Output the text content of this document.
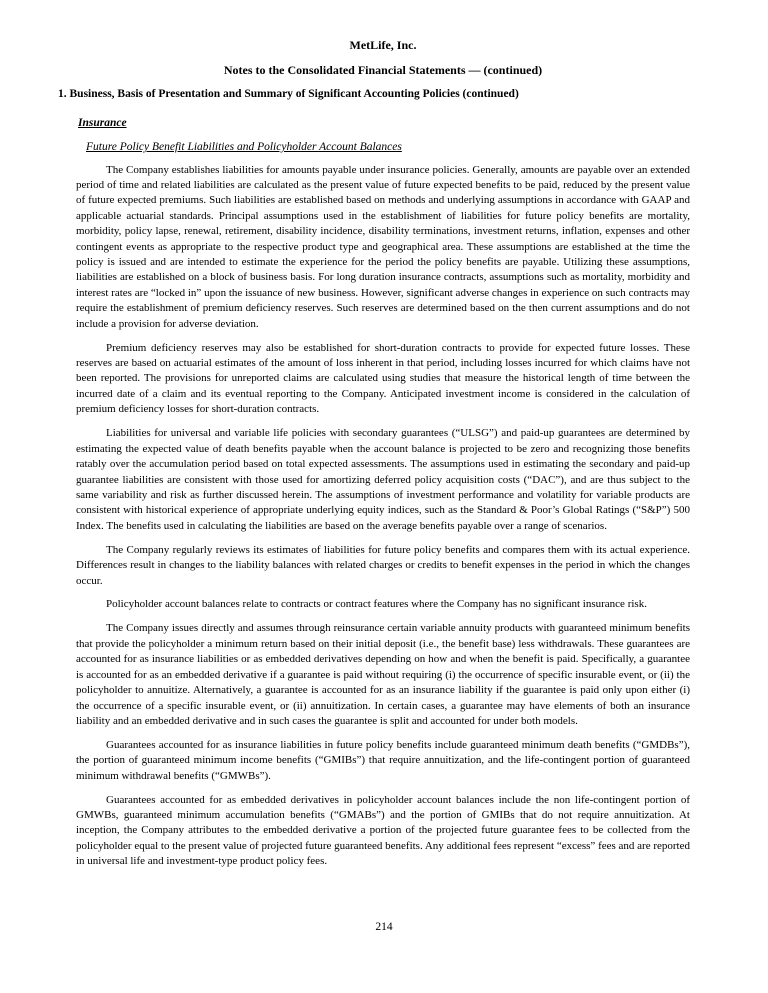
MetLife, Inc.
Notes to the Consolidated Financial Statements — (continued)
1. Business, Basis of Presentation and Summary of Significant Accounting Policies (continued)
Insurance
Future Policy Benefit Liabilities and Policyholder Account Balances

The Company establishes liabilities for amounts payable under insurance policies. Generally, amounts are payable over an extended period of time and related liabilities are calculated as the present value of future expected benefits to be paid, reduced by the present value of future expected premiums. Such liabilities are established based on methods and underlying assumptions in accordance with GAAP and applicable actuarial standards. Principal assumptions used in the establishment of liabilities for future policy benefits are mortality, morbidity, policy lapse, renewal, retirement, disability incidence, disability terminations, investment returns, inflation, expenses and other contingent events as appropriate to the respective product type and geographical area. These assumptions are established at the time the policy is issued and are intended to estimate the experience for the period the policy benefits are payable. Utilizing these assumptions, liabilities are established on a block of business basis. For long duration insurance contracts, assumptions such as mortality, morbidity and interest rates are “locked in” upon the issuance of new business. However, significant adverse changes in experience on such contracts may require the establishment of premium deficiency reserves. Such reserves are determined based on the then current assumptions and do not include a provision for adverse deviation.

Premium deficiency reserves may also be established for short-duration contracts to provide for expected future losses. These reserves are based on actuarial estimates of the amount of loss inherent in that period, including losses incurred for which claims have not been reported. The provisions for unreported claims are calculated using studies that measure the historical length of time between the incurred date of a claim and its eventual reporting to the Company. Anticipated investment income is considered in the calculation of premium deficiency losses for short-duration contracts.

Liabilities for universal and variable life policies with secondary guarantees (“ULSG”) and paid-up guarantees are determined by estimating the expected value of death benefits payable when the account balance is projected to be zero and recognizing those benefits ratably over the accumulation period based on total expected assessments. The assumptions used in estimating the secondary and paid-up guarantee liabilities are consistent with those used for amortizing deferred policy acquisition costs (“DAC”), and are thus subject to the same variability and risk as further discussed herein. The assumptions of investment performance and volatility for variable products are consistent with historical experience of appropriate underlying equity indices, such as the Standard & Poor’s Global Ratings (“S&P”) 500 Index. The benefits used in calculating the liabilities are based on the average benefits payable over a range of scenarios.

The Company regularly reviews its estimates of liabilities for future policy benefits and compares them with its actual experience. Differences result in changes to the liability balances with related charges or credits to benefit expenses in the period in which the changes occur.

Policyholder account balances relate to contracts or contract features where the Company has no significant insurance risk.

The Company issues directly and assumes through reinsurance certain variable annuity products with guaranteed minimum benefits that provide the policyholder a minimum return based on their initial deposit (i.e., the benefit base) less withdrawals. These guarantees are accounted for as insurance liabilities or as embedded derivatives depending on how and when the benefit is paid. Specifically, a guarantee is accounted for as an embedded derivative if a guarantee is paid without requiring (i) the occurrence of specific insurable event, or (ii) the policyholder to annuitize. Alternatively, a guarantee is accounted for as an insurance liability if the guarantee is paid only upon either (i) the occurrence of a specific insurable event, or (ii) annuitization. In certain cases, a guarantee may have elements of both an insurance liability and an embedded derivative and in such cases the guarantee is split and accounted for under both models.

Guarantees accounted for as insurance liabilities in future policy benefits include guaranteed minimum death benefits (“GMDBs”), the portion of guaranteed minimum income benefits (“GMIBs”) that require annuitization, and the life-contingent portion of guaranteed minimum withdrawal benefits (“GMWBs”).

Guarantees accounted for as embedded derivatives in policyholder account balances include the non life-contingent portion of GMWBs, guaranteed minimum accumulation benefits (“GMABs”) and the portion of GMIBs that do not require annuitization. At inception, the Company attributes to the embedded derivative a portion of the projected future guarantee fees to be collected from the policyholder equal to the present value of projected future guaranteed benefits. Any additional fees represent “excess” fees and are reported in universal life and investment-type product policy fees.

214
